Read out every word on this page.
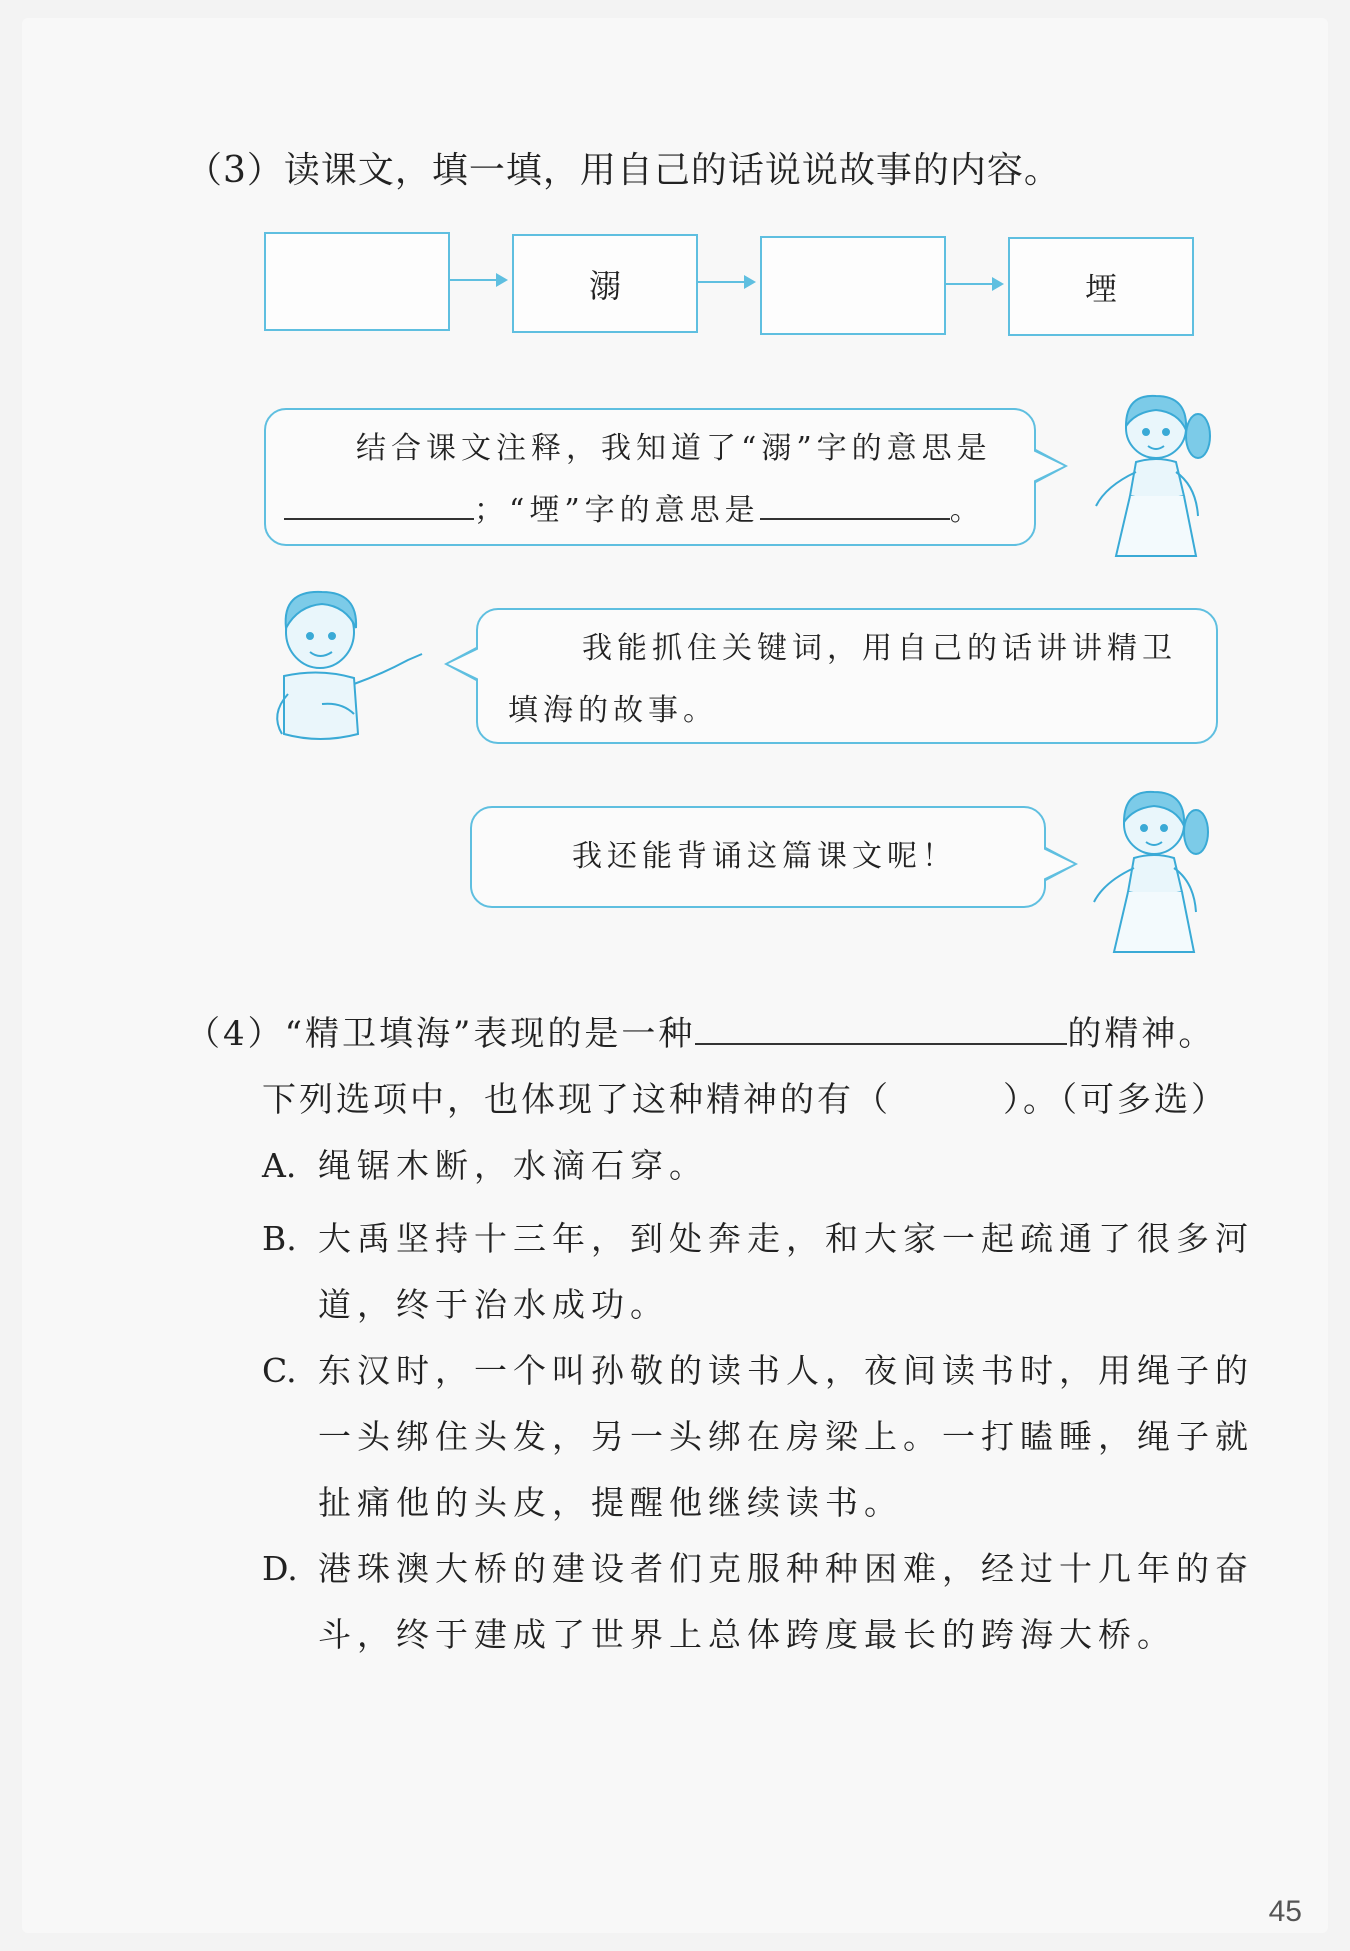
（3）读课文，填一填，用自己的话说说故事的内容。
溺	堙
结合课文注释，我知道了“溺”字的意思是
；“堙”字的意思是	。
我能抓住关键词，用自己的话讲讲精卫
填海的故事。
我还能背诵这篇课文呢！
（4）“精卫填海”表现的是一种	的精神。
下列选项中，也体现了这种精神的有（	）。（可多选）
A. 绳锯木断，水滴石穿。
B. 大禹坚持十三年，到处奔走，和大家一起疏通了很多河
道，终于治水成功。
C. 东汉时，一个叫孙敬的读书人，夜间读书时，用绳子的
一头绑住头发，另一头绑在房梁上。一打瞌睡，绳子就
扯痛他的头皮，提醒他继续读书。
D. 港珠澳大桥的建设者们克服种种困难，经过十几年的奋
斗，终于建成了世界上总体跨度最长的跨海大桥。
45
